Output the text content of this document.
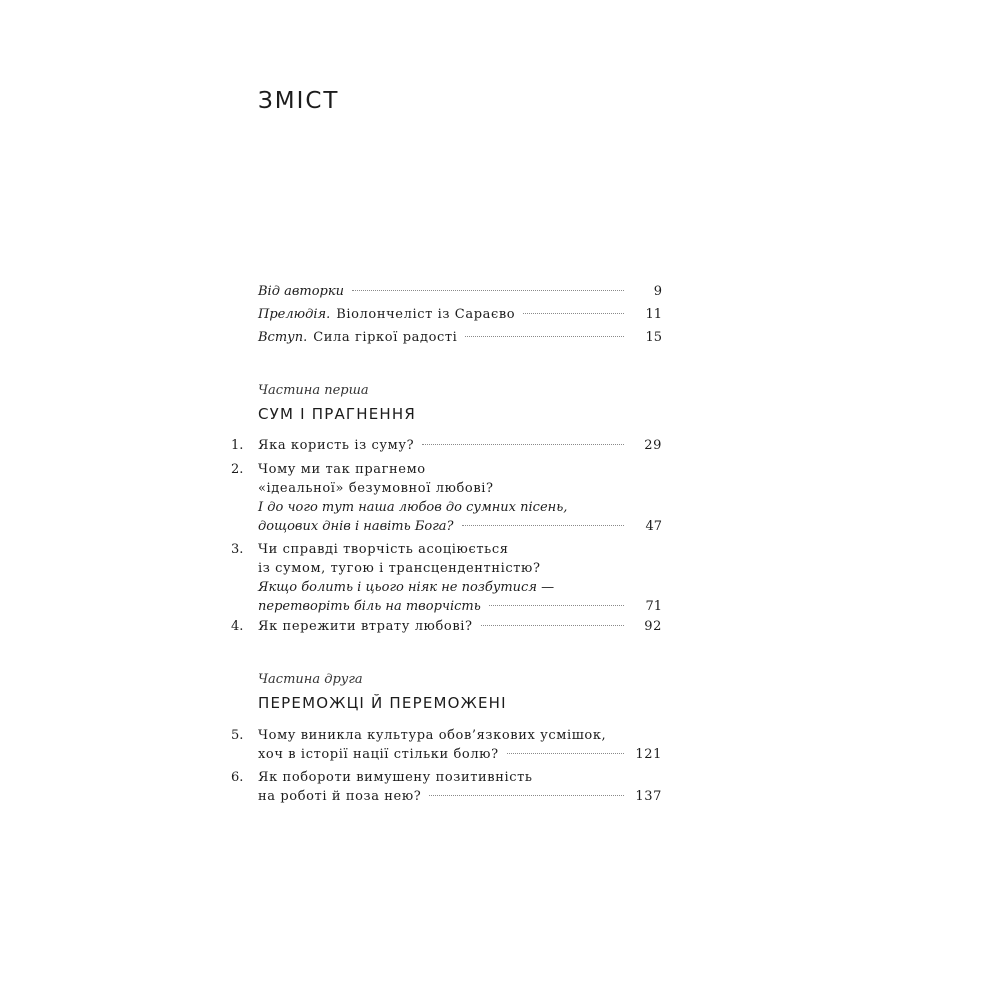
ЗМІСТ
Від авторки	9
Прелюдія. Віолончеліст із Сараєво	11
Вступ. Сила гіркої радості	15
Частина перша
СУМ І ПРАГНЕННЯ
1. Яка користь із суму?	29
2. Чому ми так прагнемо
«ідеальної» безумовної любові?
І до чого тут наша любов до сумних пісень,
дощових днів і навіть Бога?	47
3. Чи справді творчість асоціюється
із сумом, тугою і трансцендентністю?
Якщо болить і цього ніяк не позбутися —
перетворіть біль на творчість	71
4. Як пережити втрату любові?	92
Частина друга
ПЕРЕМОЖЦІ Й ПЕРЕМОЖЕНІ
5. Чому виникла культура обов’язкових усмішок,
хоч в історії нації стільки болю?	121
6. Як побороти вимушену позитивність
на роботі й поза нею?	137
